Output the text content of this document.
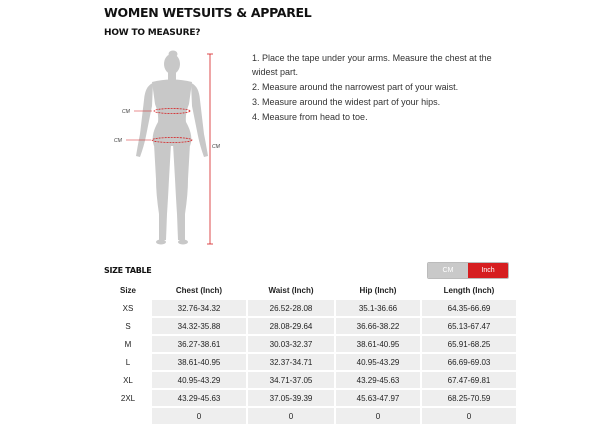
WOMEN WETSUITS & APPAREL
HOW TO MEASURE?
CM
CM
CM
1. Place the tape under your arms. Measure the chest at the widest part.
2. Measure around the narrowest part of your waist.
3. Measure around the widest part of your hips.
4. Measure from head to toe.
SIZE TABLE	CM	Inch
Size	Chest (Inch)	Waist (Inch)	Hip (Inch)	Length (Inch)
XS	32.76-34.32	26.52-28.08	35.1-36.66	64.35-66.69
S	34.32-35.88	28.08-29.64	36.66-38.22	65.13-67.47
M	36.27-38.61	30.03-32.37	38.61-40.95	65.91-68.25
L	38.61-40.95	32.37-34.71	40.95-43.29	66.69-69.03
XL	40.95-43.29	34.71-37.05	43.29-45.63	67.47-69.81
2XL	43.29-45.63	37.05-39.39	45.63-47.97	68.25-70.59
	0	0	0	0
